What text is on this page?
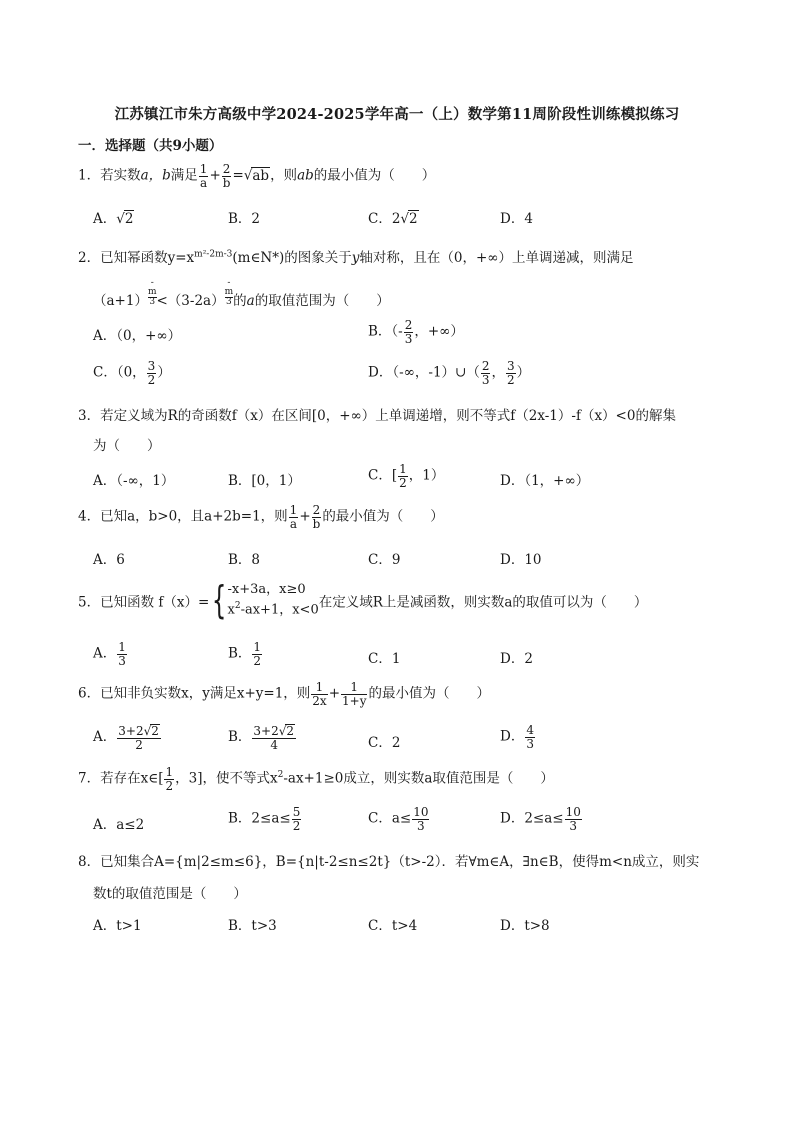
江苏镇江市朱方高级中学2024-2025学年高一（上）数学第11周阶段性训练模拟练习
一．选择题（共9小题）
1．若实数a，b满足 $\frac{1}{a} + \frac{2}{b} =√ab$，则ab的最小值为（　　）
A．√2	B．2	C．2√2	D．4
2．已知幂函数$y=x^{m^2-2m-3}(m\in N*)$的图象关于y轴对称，且在（0，+∞）上单调递减，则满足
（a+1） -
m
3 <（3-2a） -
m
3 的a的取值范围为（　　）
A．（0，+∞）	B．（- $\frac{2}{3}$ ，+∞）
C．（0， $\frac{3}{2}$ ）	D．（-∞，-1）∪（ $\frac{2}{3}$ ， $\frac{3}{2}$ ）
3．若定义域为R的奇函数f（x）在区间[0，+∞）上单调递增，则不等式f（2x-1）-f（x）<0的解集
为（　　）
A．（-∞，1）	B．[0，1）	C．[ $\frac{1}{2}$ ，1）	D．（1，+∞）
4．已知a，b>0，且a+2b=1，则 $\frac{1}{a} + \frac{2}{b}$ 的最小值为（　　）
A．6	B．8	C．9	D．10
5．已知函数 f（x）={-x+3a，x≥0
$x^2-ax+1$，x<0在定义域R上是减函数，则实数a的取值可以为（　　）
A． $\frac{1}{3}$	B． $\frac{1}{2}$	C．1	D．2
6．已知非负实数x，y满足x+y=1，则 $\frac{1}{2x} + \frac{1}{1+y}$ 的最小值为（　　）
A． $\frac{3+2√2}{2}$	B． $\frac{3+2√2}{4}$	C．2	D． $\frac{4}{3}$
7．若存在x∈[ $\frac{1}{2}$ ，3]，使不等式$x^2-ax+1\ge 0$成立，则实数a取值范围是（　　）
A．a≤2	B．$2\le a\le \frac{5}{2}$	C．$a\le \frac{10}{3}$	D．$2\le a\le \frac{10}{3}$
8．已知集合A={m|2≤m≤6}，B={n|t-2≤n≤2t}（t>-2）．若∀m∈A，∃n∈B，使得m<n成立，则实
数t的取值范围是（　　）
A．t>1	B．t>3	C．t>4	D．t>8
